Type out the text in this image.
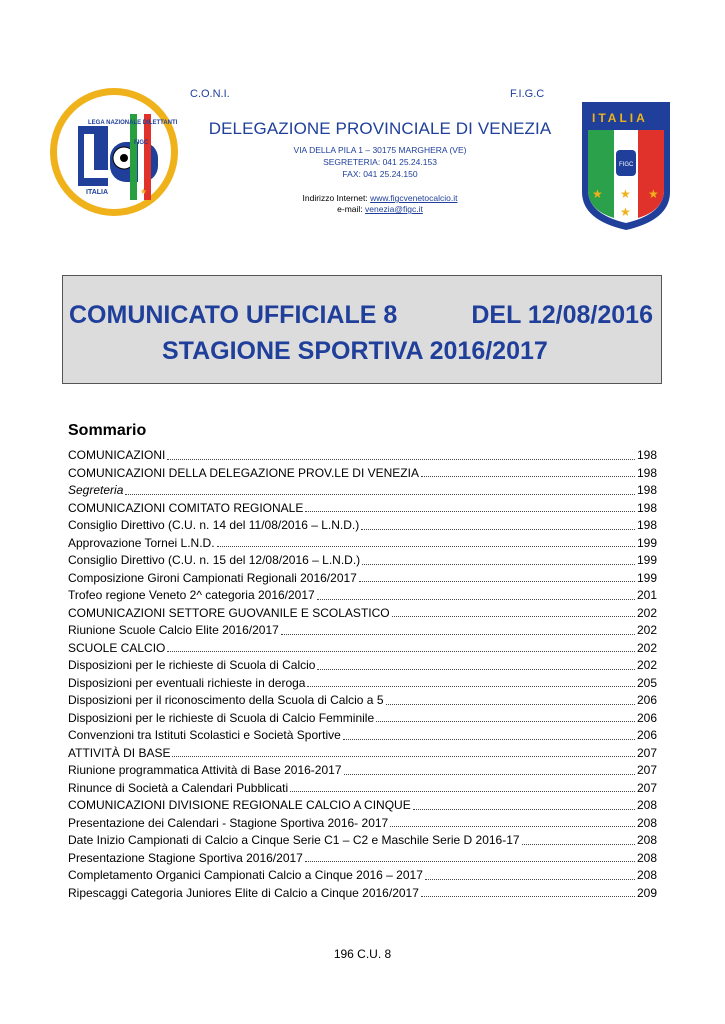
LEGA NAZIONALE DILETTANTI
ITALIA
FIGC
★
FIGC
ITALIA
★ ★ ★
★
C.O.N.I.	F.I.G.C
DELEGAZIONE PROVINCIALE DI VENEZIA
VIA DELLA PILA 1 – 30175 MARGHERA (VE)
SEGRETERIA: 041 25.24.153
FAX: 041 25.24.150
Indirizzo Internet: www.figcvenetocalcio.it
e-mail: venezia@figc.it
COMUNICATO UFFICIALE 8	DEL 12/08/2016
STAGIONE SPORTIVA 2016/2017
Sommario
COMUNICAZIONI	198
COMUNICAZIONI DELLA DELEGAZIONE PROV.LE DI VENEZIA	198
Segreteria	198
COMUNICAZIONI COMITATO REGIONALE	198
Consiglio Direttivo (C.U. n. 14 del 11/08/2016 – L.N.D.)	198
Approvazione Tornei L.N.D.	199
Consiglio Direttivo (C.U. n. 15 del 12/08/2016 – L.N.D.)	199
Composizione Gironi Campionati Regionali 2016/2017	199
Trofeo regione Veneto 2^ categoria 2016/2017	201
COMUNICAZIONI SETTORE GUOVANILE E SCOLASTICO	202
Riunione Scuole Calcio Elite 2016/2017	202
SCUOLE CALCIO	202
Disposizioni per le richieste di Scuola di Calcio	202
Disposizioni per eventuali richieste in deroga	205
Disposizioni per il riconoscimento della Scuola di Calcio a 5	206
Disposizioni per le richieste di Scuola di Calcio Femminile	206
Convenzioni tra Istituti Scolastici e Società Sportive	206
ATTIVITÀ DI BASE	207
Riunione programmatica Attività di Base 2016-2017	207
Rinunce di Società a Calendari Pubblicati	207
COMUNICAZIONI DIVISIONE REGIONALE CALCIO A CINQUE	208
Presentazione dei Calendari - Stagione Sportiva 2016- 2017	208
Date Inizio Campionati di Calcio a Cinque Serie C1 – C2 e Maschile Serie D 2016-17	208
Presentazione Stagione Sportiva 2016/2017	208
Completamento Organici Campionati Calcio a Cinque 2016 – 2017	208
Ripescaggi Categoria Juniores Elite di Calcio a Cinque 2016/2017	209
196 C.U. 8
